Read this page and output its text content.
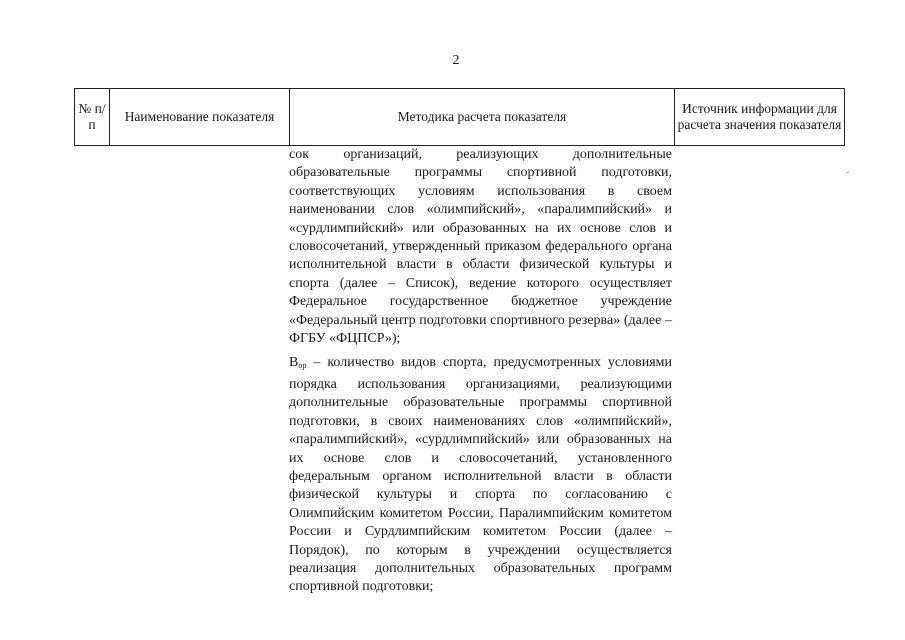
2
№ п/п
Наименование показателя	Методика расчета показателя
Источник информации для расчета значения показателя

сок организаций, реализующих дополнительные образовательные программы спортивной подготовки, соответствующих условиям использования в своем наименовании слов «олимпийский», «паралимпийский» и «сурдлимпийский» или образованных на их основе слов и словосочетаний, утвержденный приказом федерального органа исполнительной власти в области физической культуры и спорта (далее – Список), ведение которого осуществляет Федеральное государственное бюджетное учреждение «Федеральный центр подготовки спортивного резерва» (далее – ФГБУ «ФЦПСР»);

$В_{ор}$ – количество видов спорта, предусмотренных условиями порядка использования организациями, реализующими дополнительные образовательные программы спортивной подготовки, в своих наименованиях слов «олимпийский», «паралимпийский», «сурдлимпийский» или образованных на их основе слов и словосочетаний, установленного федеральным органом исполнительной власти в области физической культуры и спорта по согласованию с Олимпийским комитетом России, Паралимпийским комитетом России и Сурдлимпийским комитетом России (далее – Порядок), по которым в учреждении осуществляется реализация дополнительных образовательных программ спортивной подготовки;
